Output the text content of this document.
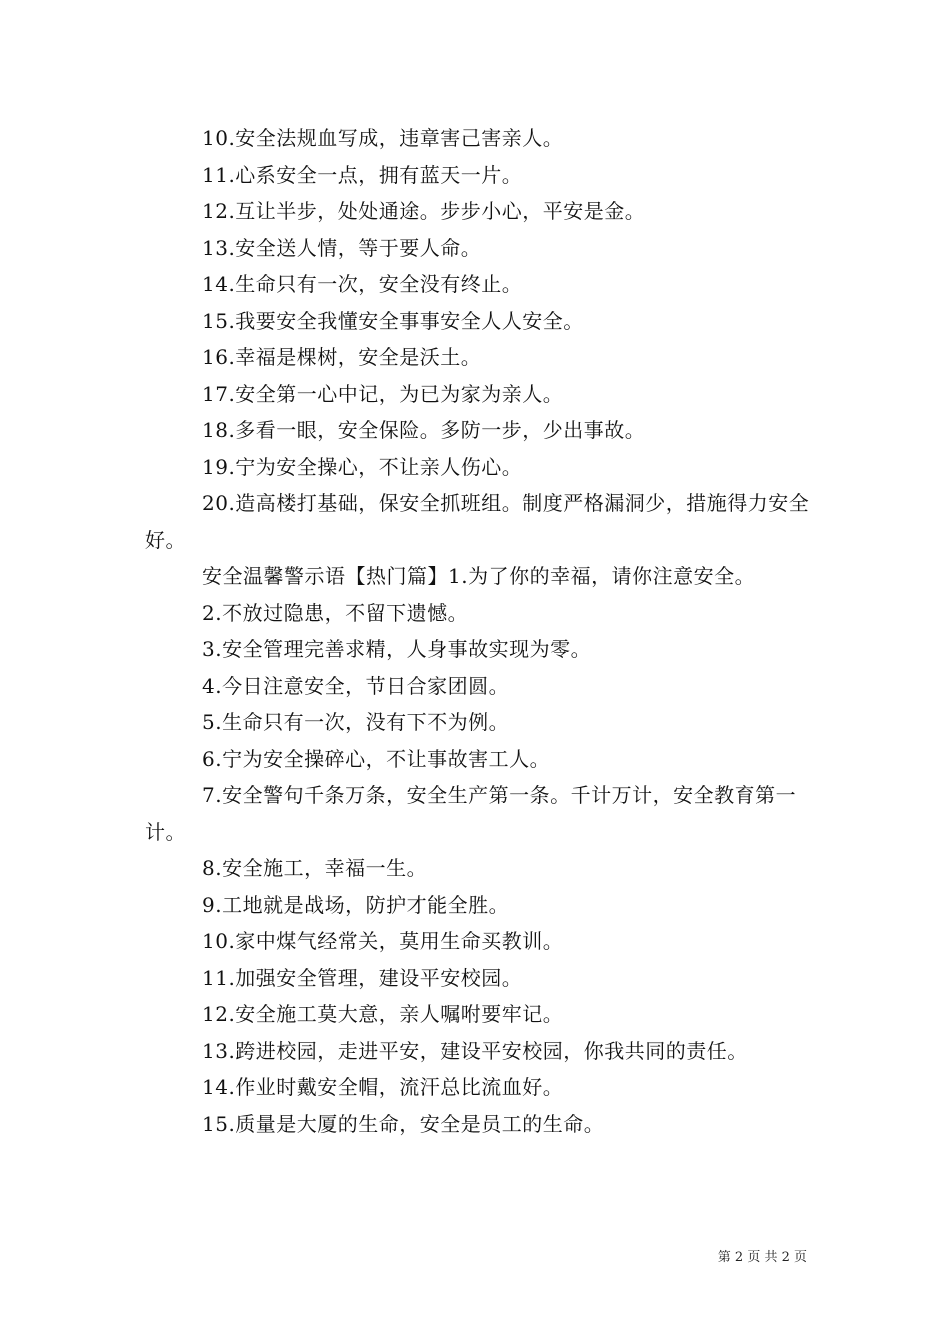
10.安全法规血写成，违章害己害亲人。
11.心系安全一点，拥有蓝天一片。
12.互让半步，处处通途。步步小心，平安是金。
13.安全送人情，等于要人命。
14.生命只有一次，安全没有终止。
15.我要安全我懂安全事事安全人人安全。
16.幸福是棵树，安全是沃土。
17.安全第一心中记，为已为家为亲人。
18.多看一眼，安全保险。多防一步，少出事故。
19.宁为安全操心，不让亲人伤心。
20.造高楼打基础，保安全抓班组。制度严格漏洞少，措施得力安全好。
安全温馨警示语【热门篇】1.为了你的幸福，请你注意安全。
2.不放过隐患，不留下遗憾。
3.安全管理完善求精，人身事故实现为零。
4.今日注意安全，节日合家团圆。
5.生命只有一次，没有下不为例。
6.宁为安全操碎心，不让事故害工人。
7.安全警句千条万条，安全生产第一条。千计万计，安全教育第一计。
8.安全施工，幸福一生。
9.工地就是战场，防护才能全胜。
10.家中煤气经常关，莫用生命买教训。
11.加强安全管理，建设平安校园。
12.安全施工莫大意，亲人嘱咐要牢记。
13.跨进校园，走进平安，建设平安校园，你我共同的责任。
14.作业时戴安全帽，流汗总比流血好。
15.质量是大厦的生命，安全是员工的生命。
第 2 页 共 2 页
